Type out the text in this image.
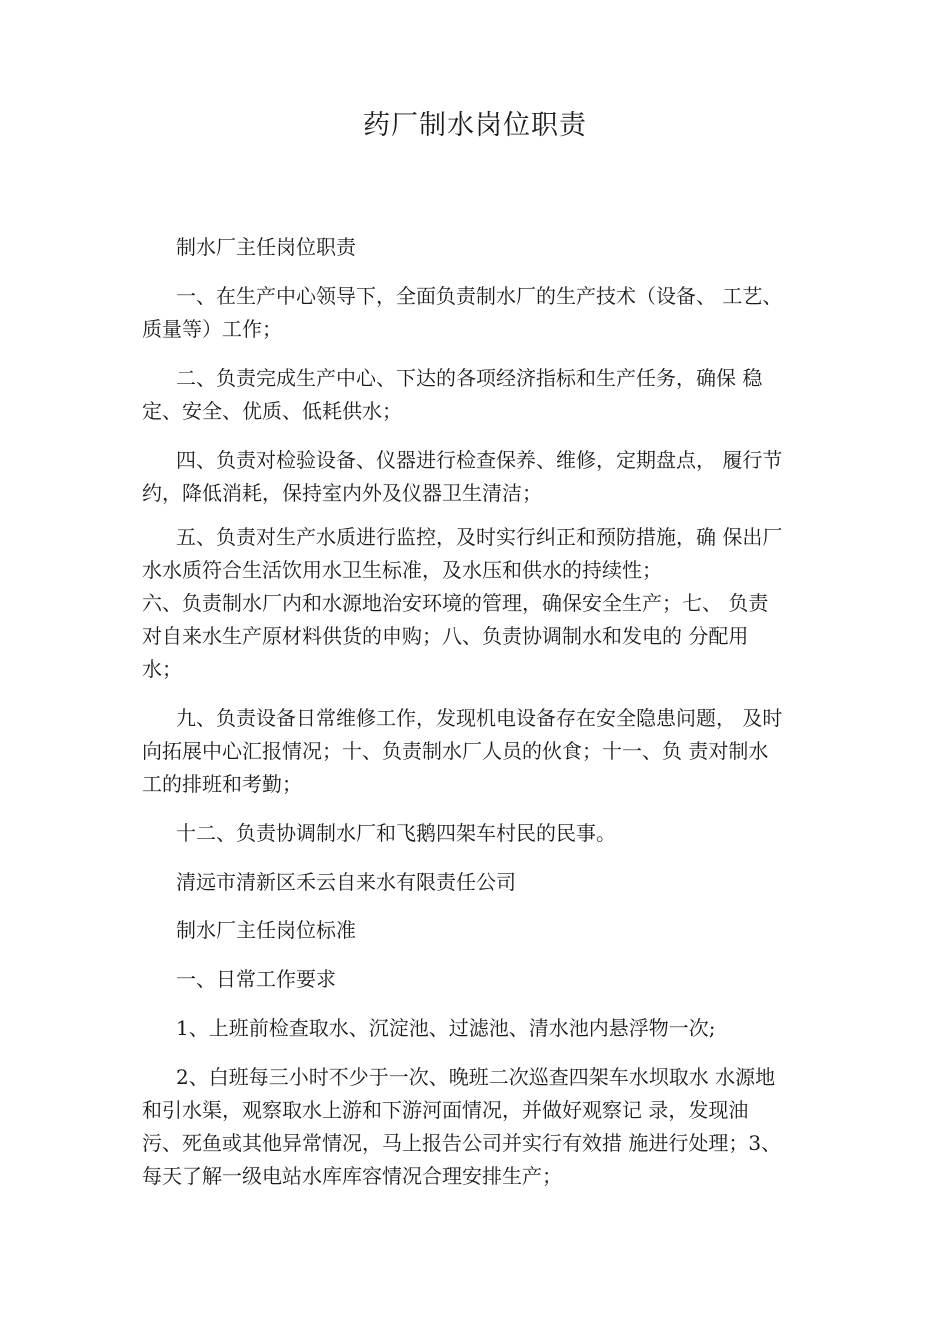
药厂制水岗位职责
制水厂主任岗位职责
一、在生产中心领导下，全面负责制水厂的生产技术（设备、 工艺、
质量等）工作；
二、负责完成生产中心、下达的各项经济指标和生产任务，确保 稳
定、安全、优质、低耗供水；
四、负责对检验设备、仪器进行检查保养、维修，定期盘点， 履行节
约，降低消耗，保持室内外及仪器卫生清洁；
五、负责对生产水质进行监控，及时实行纠正和预防措施，确 保出厂
水水质符合生活饮用水卫生标准，及水压和供水的持续性；
六、负责制水厂内和水源地治安环境的管理，确保安全生产；七、 负责
对自来水生产原材料供货的申购；八、负责协调制水和发电的 分配用
水；
九、负责设备日常维修工作，发现机电设备存在安全隐患问题， 及时
向拓展中心汇报情况；十、负责制水厂人员的伙食；十一、负 责对制水
工的排班和考勤；
十二、负责协调制水厂和飞鹅四架车村民的民事。
清远市清新区禾云自来水有限责任公司
制水厂主任岗位标准
一、日常工作要求
1、上班前检查取水、沉淀池、过滤池、清水池内悬浮物一次;
2、白班每三小时不少于一次、晚班二次巡查四架车水坝取水 水源地
和引水渠，观察取水上游和下游河面情况，并做好观察记 录，发现油
污、死鱼或其他异常情况，马上报告公司并实行有效措 施进行处理；3、
每天了解一级电站水库库容情况合理安排生产；
